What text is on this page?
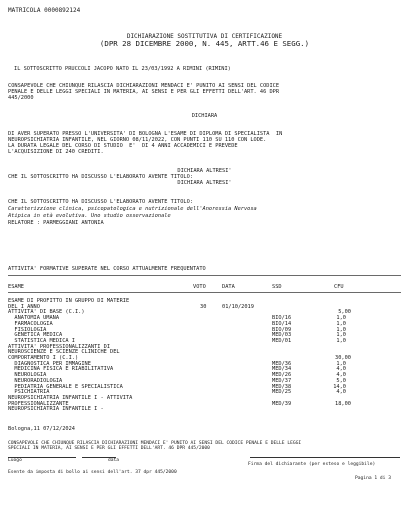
MATRICOLA 0000892124
DICHIARAZIONE SOSTITUTIVA DI CERTIFICAZIONE
(DPR 28 DICEMBRE 2000, N. 445, ARTT.46 E SEGG.)
IL SOTTOSCRITTO PRUCCOLI JACOPO NATO IL 23/03/1992 A RIMINI (RIMINI)
CONSAPEVOLE CHE CHIUNQUE RILASCIA DICHIARAZIONI MENDACI E' PUNITO AI SENSI DEL CODICE
PENALE E DELLE LEGGI SPECIALI IN MATERIA, AI SENSI E PER GLI EFFETTI DELL'ART. 46 DPR
445/2000
DICHIARA
DI AVER SUPERATO PRESSO L'UNIVERSITA' DI BOLOGNA L'ESAME DI DIPLOMA DI SPECIALISTA  IN
NEUROPSICHIATRIA INFANTILE, NEL GIORNO 08/11/2022, CON PUNTI 110 SU 110 CON LODE.
LA DURATA LEGALE DEL CORSO DI STUDIO  E'  DI 4 ANNI ACCADEMICI E PREVEDE
L'ACQUISIZIONE DI 240 CREDITI.
DICHIARA ALTRESI'
CHE IL SOTTOSCRITTO HA DISCUSSO L'ELABORATO AVENTE TITOLO:
DICHIARA ALTRESI'
CHE IL SOTTOSCRITTO HA DISCUSSO L'ELABORATO AVENTE TITOLO:
Caratterizzione clinica, psicopatologica e nutrizionale dell'Anoressia Nervosa
Atipica in età evolutiva. Uno studio osservazionale
RELATORE : PARMEGGIANI ANTONIA
ATTIVITA' FORMATIVE SUPERATE NEL CORSO ATTUALMENTE FREQUENTATO
ESAME	VOTO	DATA	SSD	CFU
ESAME DI PROFITTO IN GRUPPO DI MATERIE
DEL I ANNO	30	01/10/2019
ATTIVITA' DI BASE (C.I.)	5,00
ANATOMIA UMANA	BIO/16	1,0
FARMACOLOGIA	BIO/14	1,0
FISIOLOGIA	BIO/09	1,0
GENETICA MEDICA	MED/03	1,0
STATISTICA MEDICA I	MED/01	1,0
ATTIVITA' PROFESSIONALIZZANTI DI
NEUROSCIENZE E SCIENZE CLINICHE DEL
COMPORTAMENTO I (C.I.)	30,00
DIAGNOSTICA PER IMMAGINE	MED/36	1,0
MEDICINA FISICA E RIABILITATIVA	MED/34	4,0
NEUROLOGIA	MED/26	4,0
NEURORADIOLOGIA	MED/37	5,0
PEDIATRIA GENERALE E SPECIALISTICA	MED/38	14,0
PSICHIATRIA	MED/25	4,0
NEUROPSICHIATRIA INFANTILE I - ATTIVITA
PROFESSIONALIZZANTE	MED/39	18,00
NEUROPSICHIATRIA INFANTILE I -
Bologna,11 07/12/2024
CONSAPEVOLE CHE CHIUNQUE RILASCIA DICHIARAZIONI MENDACI E' PUNITO AI SENSI DEL CODICE PENALE E DELLE LEGGI
SPECIALI IN MATERIA, AI SENSI E PER GLI EFFETTI DELL'ART. 46 DPR 445/2000
Luogo	data
Firma del dichiarante (per esteso e leggibile)
Esente da imposta di bollo ai sensi dell'art. 37 dpr 445/2000
Pagina 1 di 3
